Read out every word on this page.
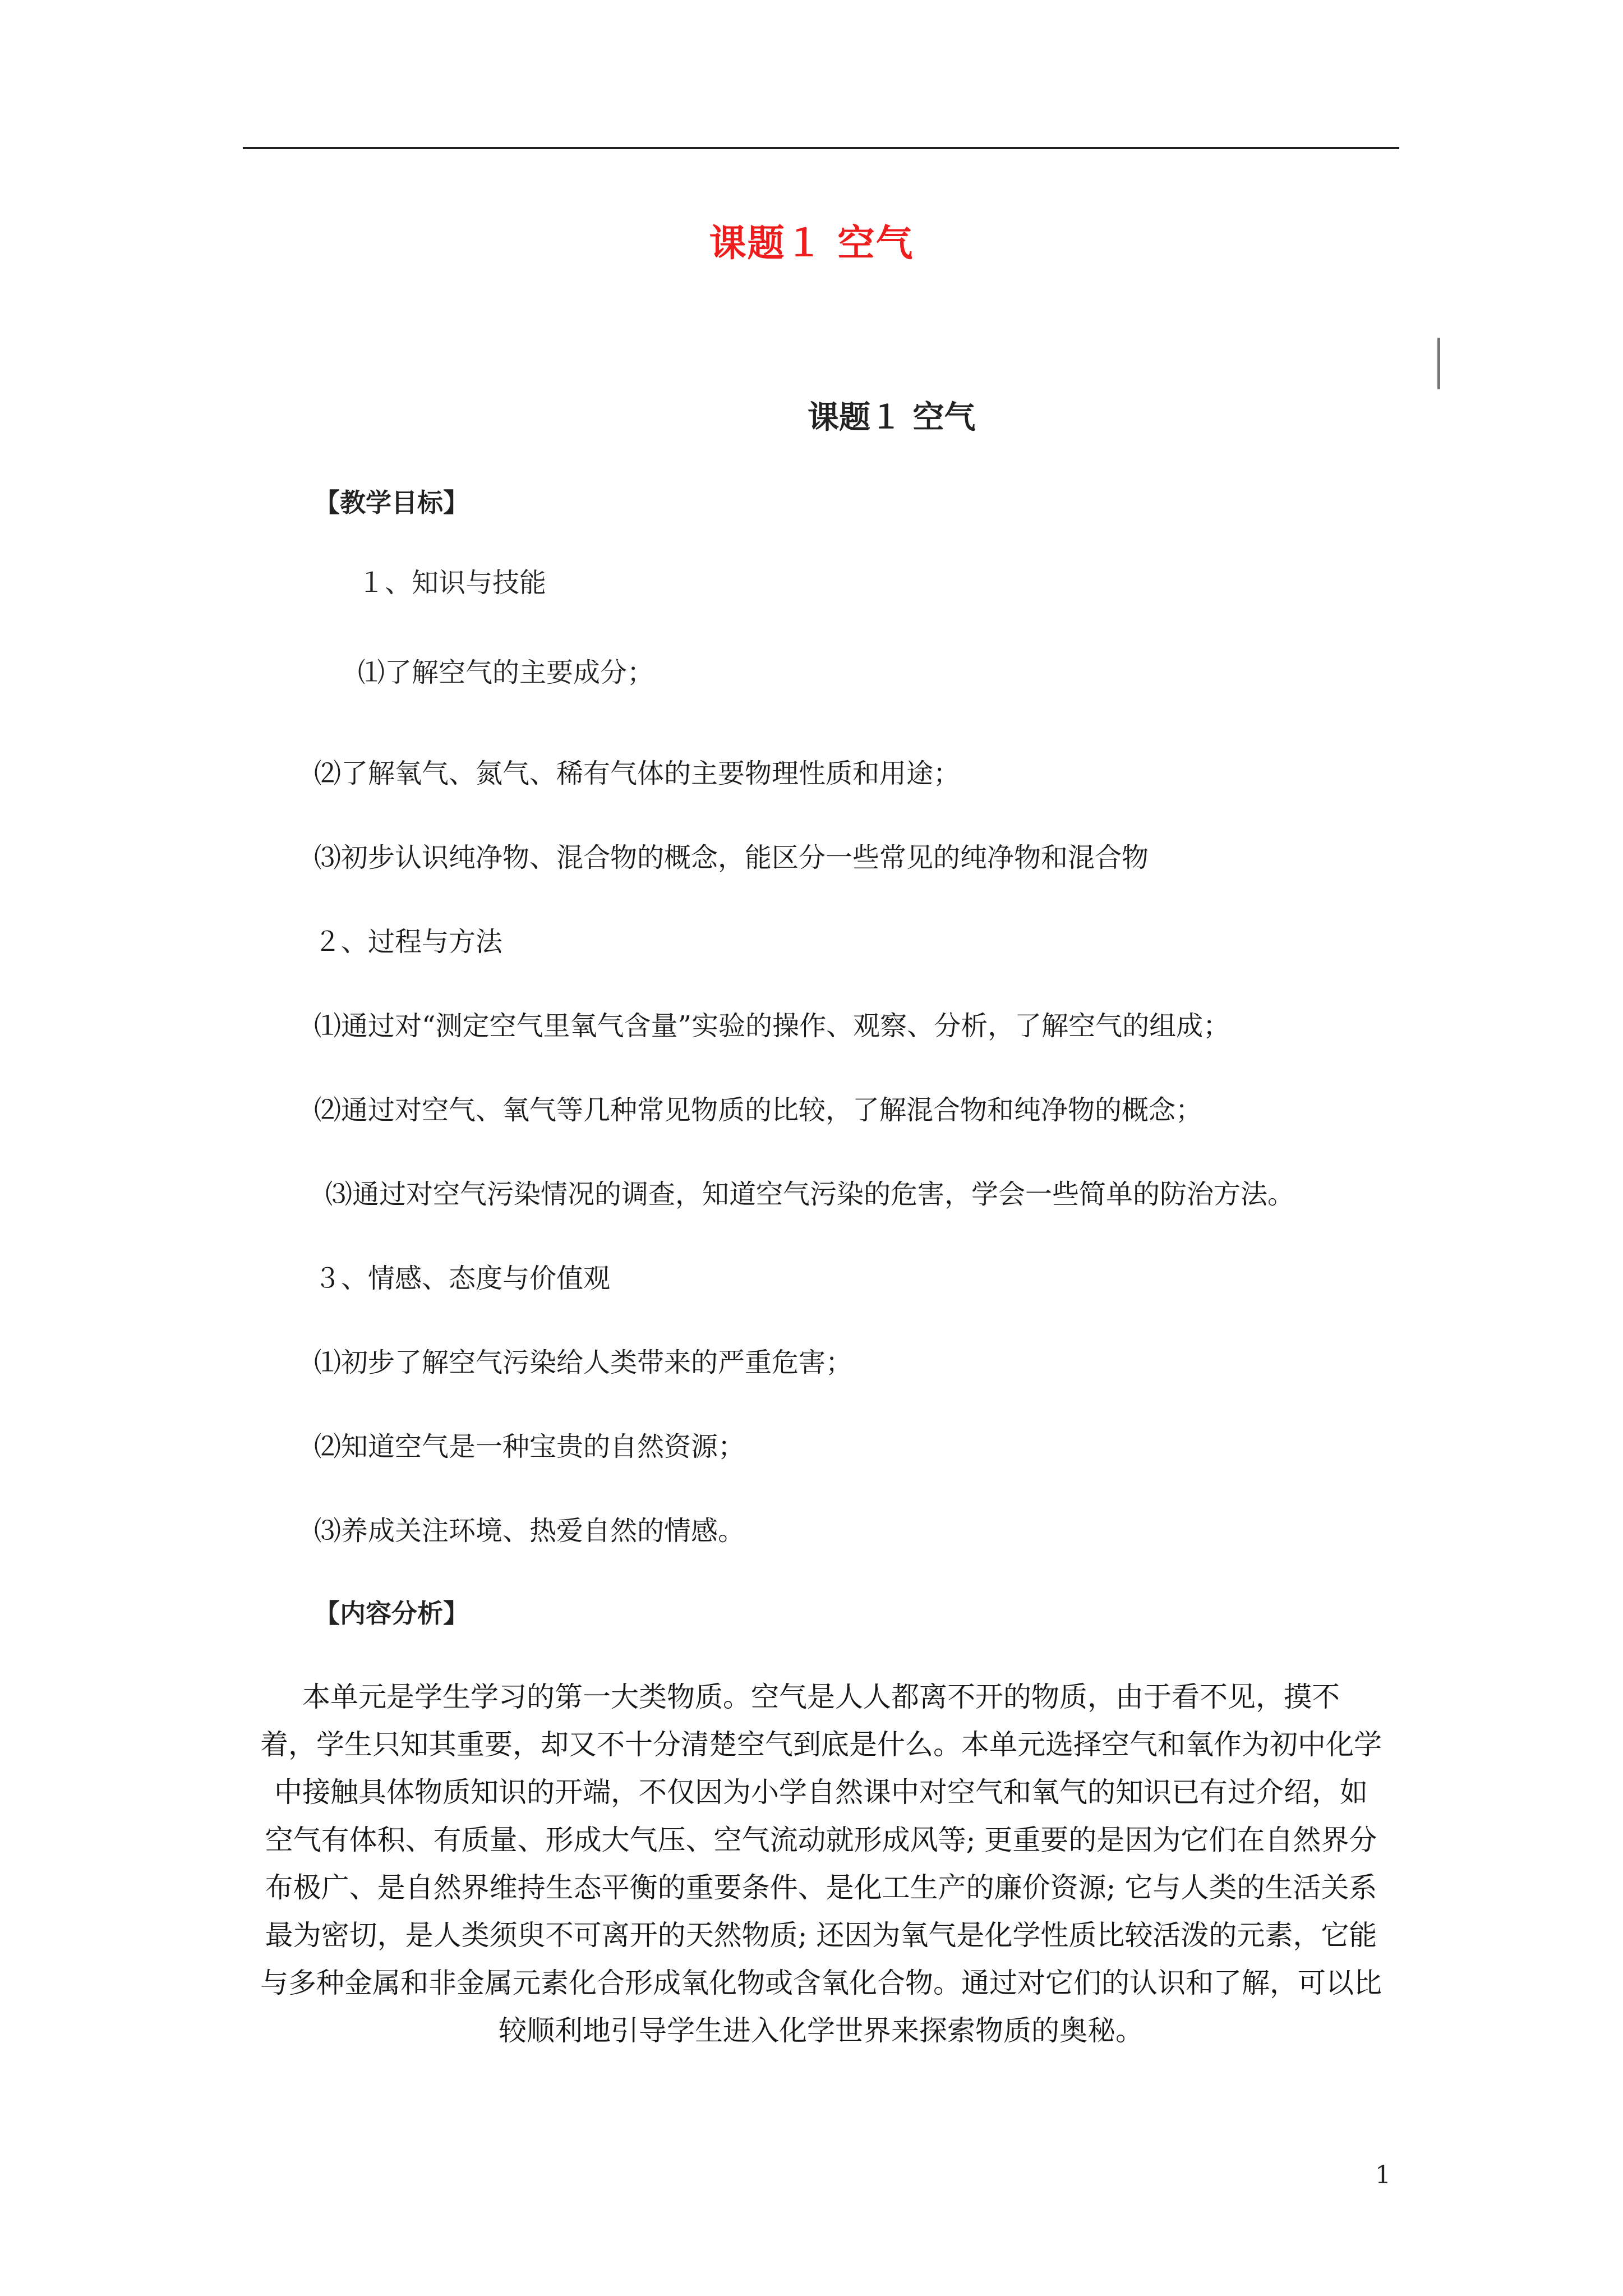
课题１ 空气
课题１ 空气
【教学目标】
１、知识与技能
⑴了解空气的主要成分；
⑵了解氧气、氮气、稀有气体的主要物理性质和用途；
⑶初步认识纯净物、混合物的概念，能区分一些常见的纯净物和混合物
２、过程与方法
⑴通过对“测定空气里氧气含量”实验的操作、观察、分析，了解空气的组成；
⑵通过对空气、氧气等几种常见物质的比较，了解混合物和纯净物的概念；
⑶通过对空气污染情况的调查，知道空气污染的危害，学会一些简单的防治方法。
３、情感、态度与价值观
⑴初步了解空气污染给人类带来的严重危害；
⑵知道空气是一种宝贵的自然资源；
⑶养成关注环境、热爱自然的情感。
【内容分析】
本单元是学生学习的第一大类物质。空气是人人都离不开的物质，由于看不见，摸不
着，学生只知其重要，却又不十分清楚空气到底是什么。本单元选择空气和氧作为初中化学
中接触具体物质知识的开端，不仅因为小学自然课中对空气和氧气的知识已有过介绍，如
空气有体积、有质量、形成大气压、空气流动就形成风等; 更重要的是因为它们在自然界分
布极广、是自然界维持生态平衡的重要条件、是化工生产的廉价资源; 它与人类的生活关系
最为密切，是人类须臾不可离开的天然物质; 还因为氧气是化学性质比较活泼的元素，它能
与多种金属和非金属元素化合形成氧化物或含氧化合物。通过对它们的认识和了解，可以比
较顺利地引导学生进入化学世界来探索物质的奥秘。
1
